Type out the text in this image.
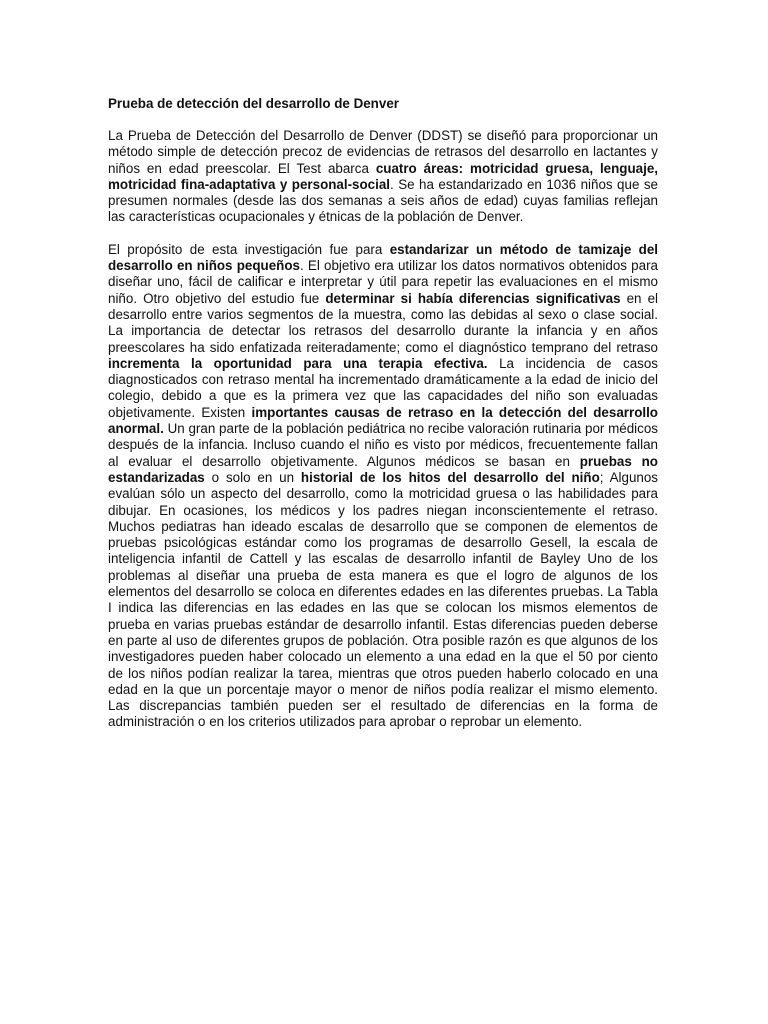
Prueba de detección del desarrollo de Denver

La Prueba de Detección del Desarrollo de Denver (DDST) se diseñó para proporcionar un método simple de detección precoz de evidencias de retrasos del desarrollo en lactantes y niños en edad preescolar. El Test abarca cuatro áreas: motricidad gruesa, lenguaje, motricidad fina-adaptativa y personal-social. Se ha estandarizado en 1036 niños que se presumen normales (desde las dos semanas a seis años de edad) cuyas familias reflejan las características ocupacionales y étnicas de la población de Denver.

El propósito de esta investigación fue para estandarizar un método de tamizaje del desarrollo en niños pequeños. El objetivo era utilizar los datos normativos obtenidos para diseñar uno, fácil de calificar e interpretar y útil para repetir las evaluaciones en el mismo niño. Otro objetivo del estudio fue determinar si había diferencias significativas en el desarrollo entre varios segmentos de la muestra, como las debidas al sexo o clase social. La importancia de detectar los retrasos del desarrollo durante la infancia y en años preescolares ha sido enfatizada reiteradamente; como el diagnóstico temprano del retraso incrementa la oportunidad para una terapia efectiva. La incidencia de casos diagnosticados con retraso mental ha incrementado dramáticamente a la edad de inicio del colegio, debido a que es la primera vez que las capacidades del niño son evaluadas objetivamente. Existen importantes causas de retraso en la detección del desarrollo anormal. Un gran parte de la población pediátrica no recibe valoración rutinaria por médicos después de la infancia. Incluso cuando el niño es visto por médicos, frecuentemente fallan al evaluar el desarrollo objetivamente. Algunos médicos se basan en pruebas no estandarizadas o solo en un historial de los hitos del desarrollo del niño; Algunos evalúan sólo un aspecto del desarrollo, como la motricidad gruesa o las habilidades para dibujar. En ocasiones, los médicos y los padres niegan inconscientemente el retraso. Muchos pediatras han ideado escalas de desarrollo que se componen de elementos de pruebas psicológicas estándar como los programas de desarrollo Gesell, la escala de inteligencia infantil de Cattell y las escalas de desarrollo infantil de Bayley Uno de los problemas al diseñar una prueba de esta manera es que el logro de algunos de los elementos del desarrollo se coloca en diferentes edades en las diferentes pruebas. La Tabla I indica las diferencias en las edades en las que se colocan los mismos elementos de prueba en varias pruebas estándar de desarrollo infantil. Estas diferencias pueden deberse en parte al uso de diferentes grupos de población. Otra posible razón es que algunos de los investigadores pueden haber colocado un elemento a una edad en la que el 50 por ciento de los niños podían realizar la tarea, mientras que otros pueden haberlo colocado en una edad en la que un porcentaje mayor o menor de niños podía realizar el mismo elemento. Las discrepancias también pueden ser el resultado de diferencias en la forma de administración o en los criterios utilizados para aprobar o reprobar un elemento.
